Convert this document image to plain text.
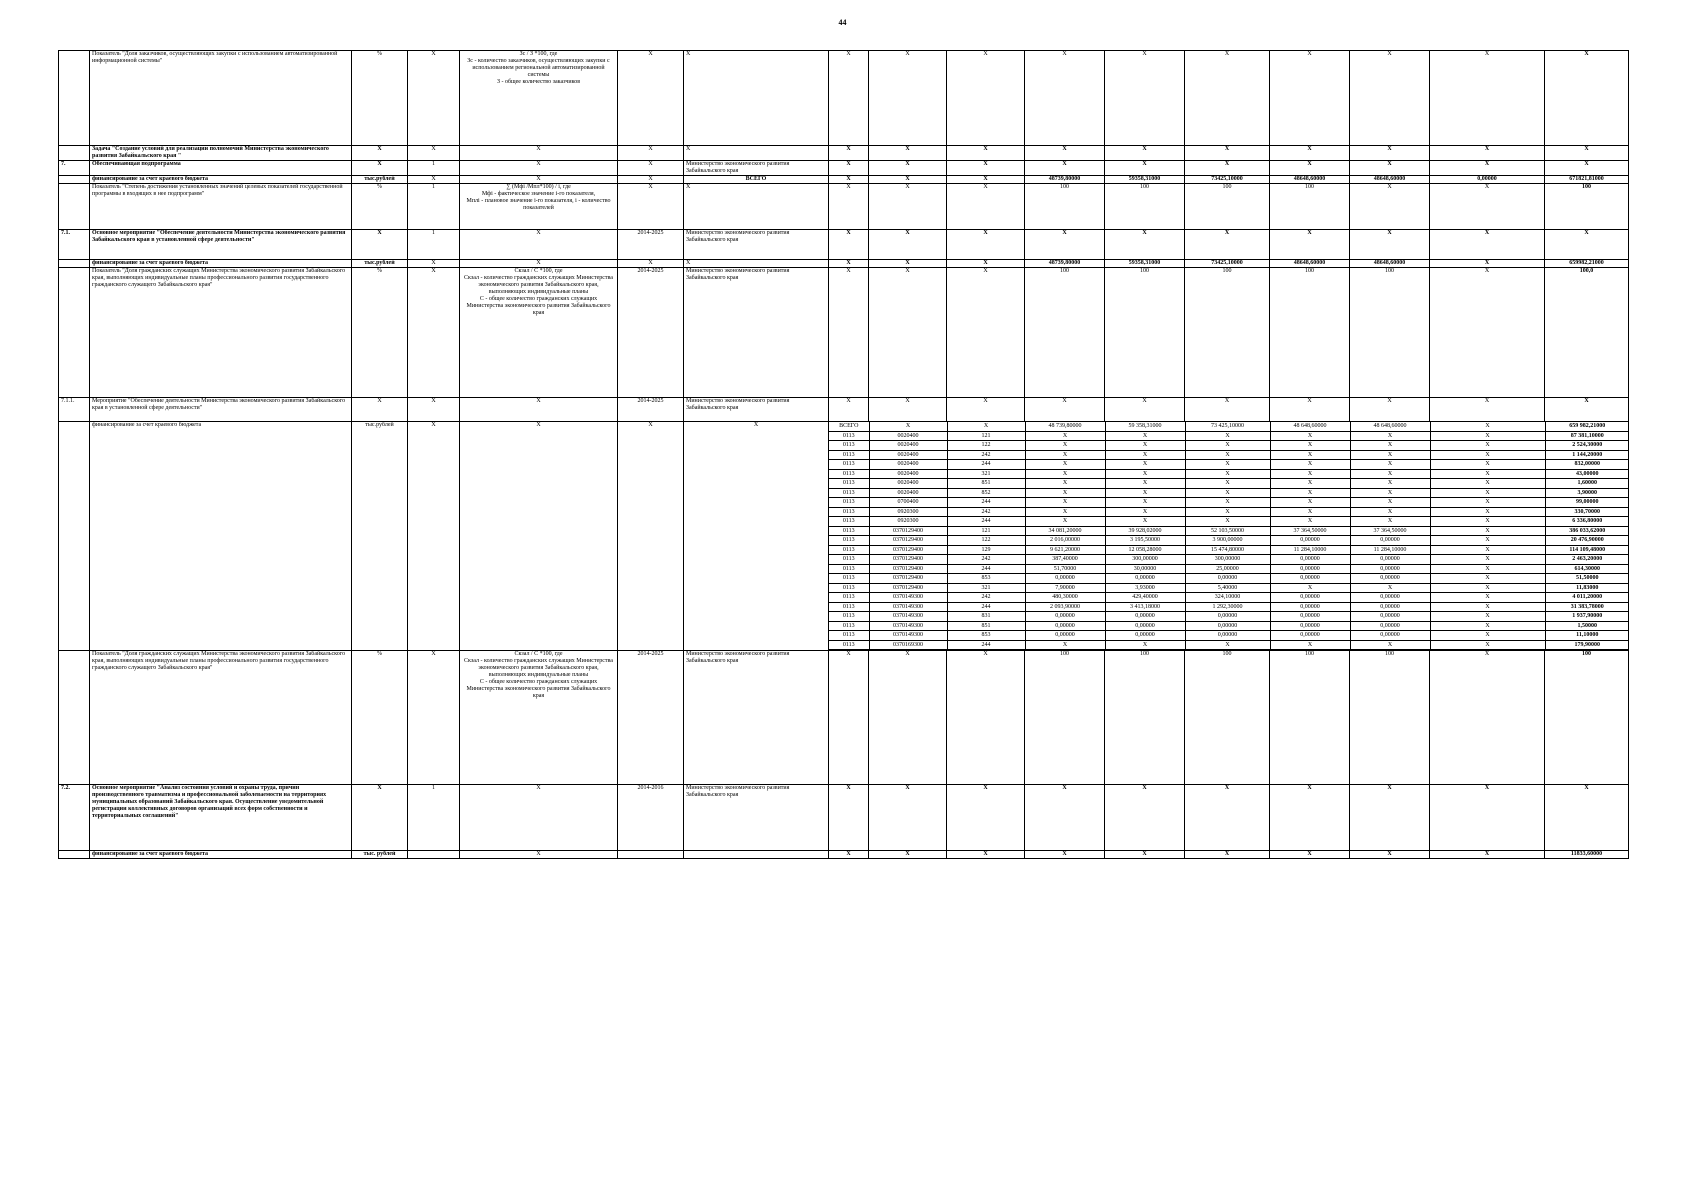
44
	Показатель "Доля заказчиков, осуществляющих закупки с использованием автоматизированной информационной системы"	%	X	Зс / З *100, где
Зс - количество заказчиков, осуществляющих закупки с использованием региональной автоматизированной системы
З - общее количество заказчиков	X	X	X	X	X	X	X	X	X	X	X	X
	Задача "Создание условий для реализации полномочий Министерства экономического развития Забайкальского края "	X	X	X	X	X	X	X	X	X	X	X	X	X	X	X
7.	Обеспечивающая подпрограмма	X	1	X	X	Министерство экономического развития Забайкальского края	X	X	X	X	X	X	X	X	X	X
	финансирование за счет краевого бюджета	тыс.рублей	X	X	X	ВСЕГО	X	X	X	48739,80000	59358,31000	73425,10000	48648,60000	48648,60000	0,00000	671821,81000
	Показатель "Степень достижения установленных значений целевых показателей государственной программы в входящих в нее подпрограмм"	%	1	∑ (Мфi /Мпл*100) / i, где
Мфi - фактическое значение i-го показателя,
Мплi - плановое значение i-го показателя, i - количество показателей	X	X	X	X	X	100	100	100	100	X	X	100
7.1.	Основное мероприятие "Обеспечение деятельности Министерства экономического развития Забайкальского края в установленной сфере деятельности"	X	1	X	2014-2025	Министерство экономического развития Забайкальского края	X	X	X	X	X	X	X	X	X	X
	финансирование за счет краевого бюджета	тыс.рублей	X	X	X	X	X	X	X	48739,80000	59358,31000	73425,10000	48648,60000	48648,60000	X	659982,21000
	Показатель "Доля гражданских служащих Министерства экономического развития Забайкальского края, выполняющих индивидуальные планы профессионального развития государственного гражданского служащего Забайкальского края"	%	X	Скзал / С *100, где
Скзал - количество гражданских служащих Министерства экономического развития Забайкальского края, выполняющих индивидуальные планы
С - общее количество гражданских служащих Министерства экономического развития Забайкальского края	2014-2025	Министерство экономического развития Забайкальского края	X	X	X	100	100	100	100	100	X	100,0
7.1.1.	Мероприятие "Обеспечение деятельности Министерства экономического развития Забайкальского края в установленной сфере деятельности"	X	X	X	2014-2025	Министерство экономического развития Забайкальского края	X	X	X	X	X	X	X	X	X	X
	финансирование за счет краевого бюджета	тыс.рублей	X	X	X	X		ВСЕГО	X	X	48 739,80000	59 358,31000	73 425,10000	48 648,60000	48 648,60000	X	659 982,21000
0113	0020400	121	X	X	X	X	X	X	87 381,10000
0113	0020400	122	X	X	X	X	X	X	2 524,30000
0113	0020400	242	X	X	X	X	X	X	1 144,20000
0113	0020400	244	X	X	X	X	X	X	832,00000
0113	0020400	321	X	X	X	X	X	X	43,00000
0113	0020400	851	X	X	X	X	X	X	1,60000
0113	0020400	852	X	X	X	X	X	X	3,90000
0113	0700400	244	X	X	X	X	X	X	99,00000
0113	0920300	242	X	X	X	X	X	X	330,70000
0113	0920300	244	X	X	X	X	X	X	6 336,80000
0113	0370129400	121	34 081,20000	39 928,02000	52 103,50000	37 364,50000	37 364,50000	X	386 033,62000
0113	0370129400	122	2 016,00000	3 195,50000	3 900,00000	0,00000	0,00000	X	20 476,90000
0113	0370129400	129	9 621,20000	12 058,28000	15 474,80000	11 284,10000	11 284,10000	X	114 109,48000
0113	0370129400	242	387,40000	300,00000	300,00000	0,00000	0,00000	X	2 463,20000
0113	0370129400	244	51,70000	30,00000	25,00000	0,00000	0,00000	X	614,30000
0113	0370129400	853	0,00000	0,00000	0,00000	0,00000	0,00000	X	51,50000
0113	0370129400	321	7,90000	3,93000	5,40000	X	X	X	11,83000
0113	0370149300	242	480,30000	429,40000	324,10000	0,00000	0,00000	X	4 011,20000
0113	0370149300	244	2 093,90000	3 413,18000	1 292,30000	0,00000	0,00000	X	31 383,78000
0113	0370149300	831	0,00000	0,00000	0,00000	0,00000	0,00000	X	1 937,90000
0113	0370149300	851	0,00000	0,00000	0,00000	0,00000	0,00000	X	1,50000
0113	0370149300	853	0,00000	0,00000	0,00000	0,00000	0,00000	X	11,10000
0113	0370169300	244	X	X	X	X	X	X	179,90000

	Показатель "Доля гражданских служащих Министерства экономического развития Забайкальского края, выполняющих индивидуальные планы профессионального развития государственного гражданского служащего Забайкальского края"	%	X	Скзал / С *100, где
Скзал - количество гражданских служащих Министерства экономического развития Забайкальского края, выполняющих индивидуальные планы
С - общее количество гражданских служащих Министерства экономического развития Забайкальского края	2014-2025	Министерство экономического развития Забайкальского края	X	X	X	100	100	100	100	100	X	100
7.2.	Основное мероприятие "Анализ состояния условий и охраны труда, причин производственного травматизма и профессиональной заболеваемости на территориях муниципальных образований Забайкальского края. Осуществление уведомительной регистрации коллективных договоров организаций всех форм собственности и территориальных соглашений"	X	1	X	2014-2016	Министерство экономического развития Забайкальского края	X	X	X	X	X	X	X	X	X	X
	финансирование за счет краевого бюджета	тыс. рублей		X			X	X	X	X	X	X	X	X	X	11833,60000
